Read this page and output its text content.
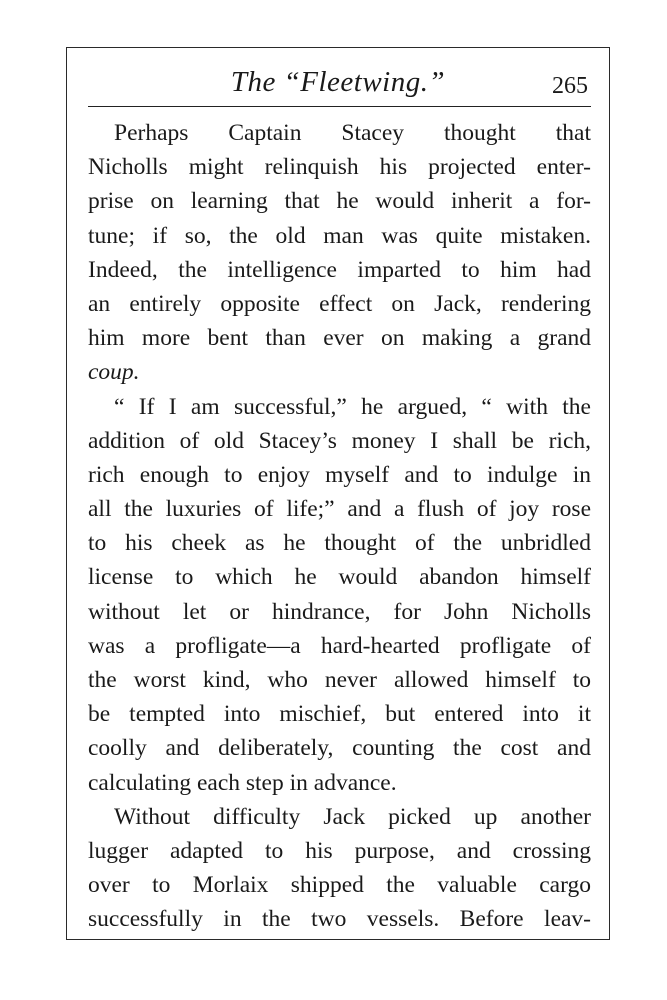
The “Fleetwing.”	265
Perhaps Captain Stacey thought that
Nicholls might relinquish his projected enter-
prise on learning that he would inherit a for-
tune; if so, the old man was quite mistaken.
Indeed, the intelligence imparted to him had
an entirely opposite effect on Jack, rendering
him more bent than ever on making a grand
coup.
“ If I am successful,” he argued, “ with the
addition of old Stacey’s money I shall be rich,
rich enough to enjoy myself and to indulge in
all the luxuries of life;” and a flush of joy rose
to his cheek as he thought of the unbridled
license to which he would abandon himself
without let or hindrance, for John Nicholls
was a profligate—a hard-hearted profligate of
the worst kind, who never allowed himself to
be tempted into mischief, but entered into it
coolly and deliberately, counting the cost and
calculating each step in advance.
Without difficulty Jack picked up another
lugger adapted to his purpose, and crossing
over to Morlaix shipped the valuable cargo
successfully in the two vessels. Before leav-
